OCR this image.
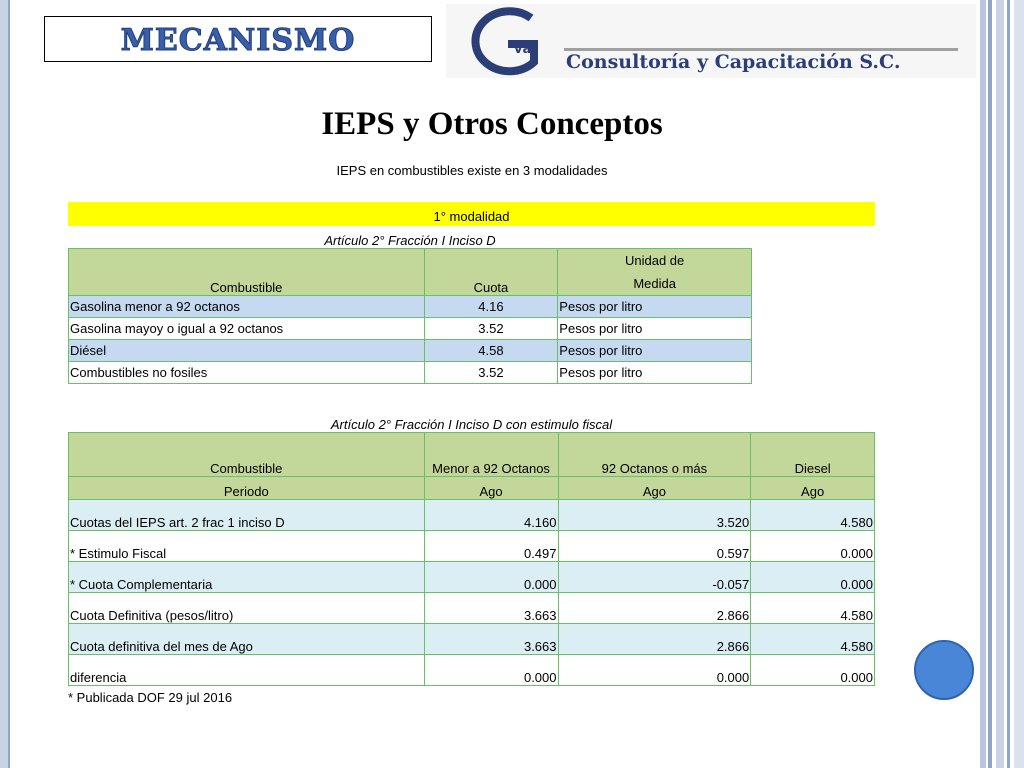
MECANISMO	va
Consultoría y Capacitación S.C.
IEPS y Otros Conceptos
IEPS en combustibles existe en 3 modalidades
1° modalidad
Artículo 2° Fracción I Inciso D
Combustible	Cuota	Unidad de
Medida
Gasolina menor a 92 octanos	4.16	Pesos por litro
Gasolina mayoy o igual a 92 octanos	3.52	Pesos por litro
Diésel	4.58	Pesos por litro
Combustibles no fosiles	3.52	Pesos por litro
Artículo 2° Fracción I Inciso D con estimulo fiscal
Combustible	Menor a 92 Octanos	92 Octanos o más	Diesel
Periodo	Ago	Ago	Ago
Cuotas del IEPS art. 2 frac 1 inciso D	4.160	3.520	4.580
* Estimulo Fiscal	0.497	0.597	0.000
* Cuota Complementaria	0.000	-0.057	0.000
Cuota Definitiva (pesos/litro)	3.663	2.866	4.580
Cuota definitiva del mes de Ago	3.663	2.866	4.580
diferencia	0.000	0.000	0.000
* Publicada DOF 29 jul 2016
